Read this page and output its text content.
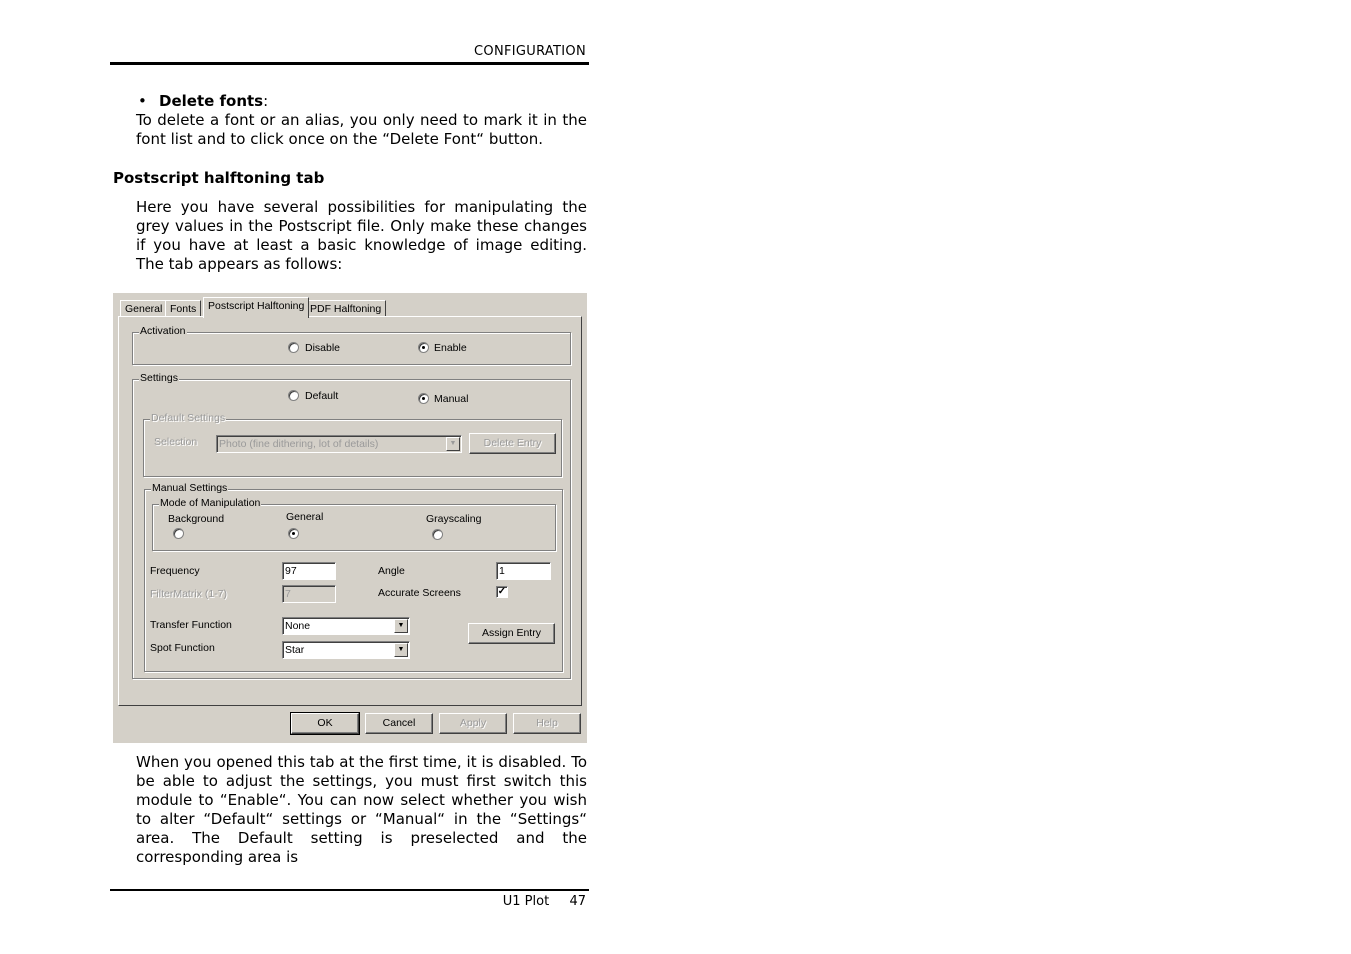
CONFIGURATION
• Delete fonts:
To delete a font or an alias, you only need to mark it in the font list and to click once on the “Delete Font“ button.
Postscript halftoning tab
Here you have several possibilities for manipulating the grey values in the Postscript file. Only make these changes if you have at least a basic knowledge of image editing. The tab appears as follows:
General Fonts	Postscript Halftoning PDF Halftoning
Activation
Disable	Enable
Settings
Default	Manual
Default Settings
Selection Photo (fine dithering, lot of details)	▼	Delete Entry
Manual Settings
Mode of Manipulation
Background	General	Grayscaling
Frequency	97	Angle	1
FilterMatrix (1-7)	7	Accurate Screens	✓
Transfer Function	None	▼
Spot Function	Star	▼
Assign Entry
OK	Cancel	Apply	Help
When you opened this tab at the first time, it is disabled. To be able to adjust the settings, you must first switch this module to “Enable“. You can now select whether you wish to alter “Default“ settings or “Manual“ in the “Settings“ area. The Default setting is preselected and the corresponding area is
U1 Plot 47
